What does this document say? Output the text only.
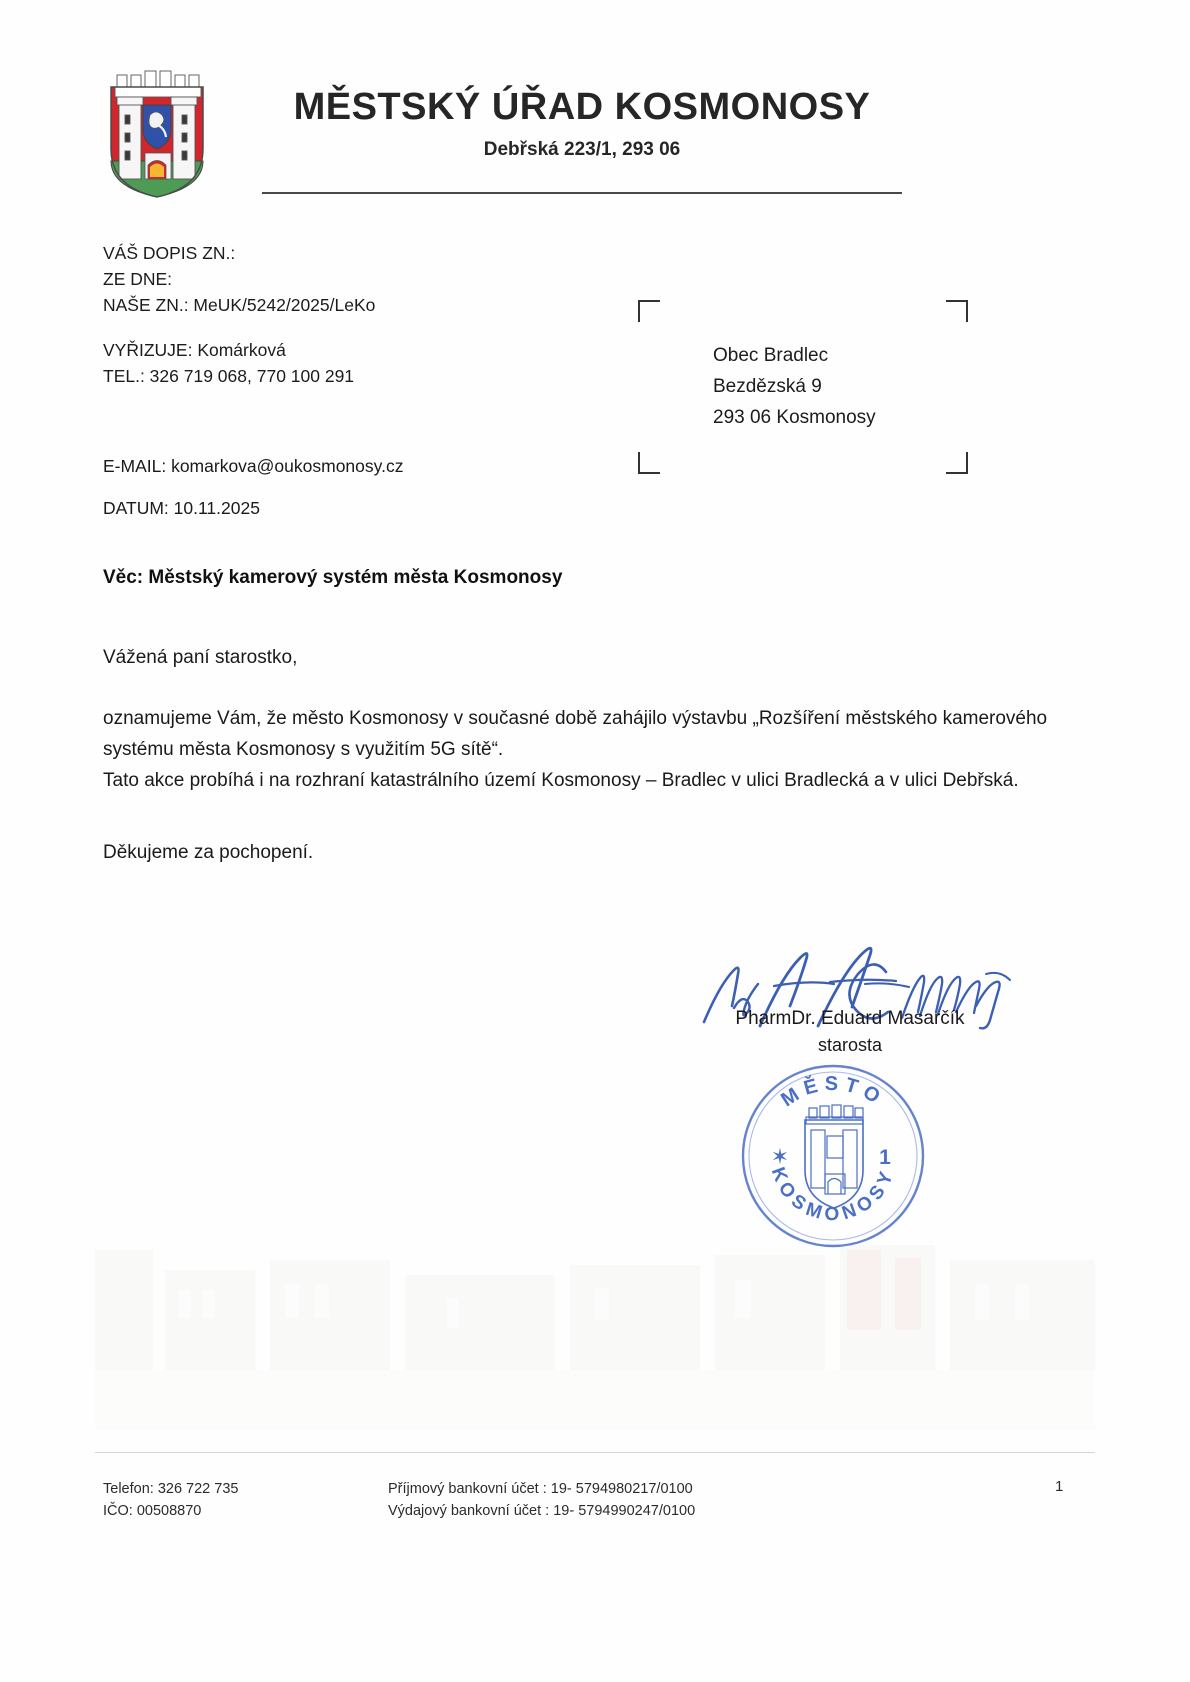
MĚSTSKÝ ÚŘAD KOSMONOSY
Debřská 223/1, 293 06
VÁŠ DOPIS ZN.:
ZE DNE:
NAŠE ZN.: MeUK/5242/2025/LeKo
VYŘIZUJE: Komárková
TEL.: 326 719 068, 770 100 291
E-MAIL: komarkova@oukosmonosy.cz
DATUM: 10.11.2025
Obec Bradlec
Bezdězská 9
293 06 Kosmonosy
Věc: Městský kamerový systém města Kosmonosy
Vážená paní starostko,
oznamujeme Vám, že město Kosmonosy v současné době zahájilo výstavbu „Rozšíření městského kamerového systému města Kosmonosy s využitím 5G sítě“.
Tato akce probíhá i na rozhraní katastrálního území Kosmonosy – Bradlec v ulici Bradlecká a v ulici Debřská.
Děkujeme za pochopení.
PharmDr. Eduard Masarčík
starosta
MĚSTO
KOSMONOSY
1
✶
Telefon: 326 722 735
IČO: 00508870
Příjmový bankovní účet : 19- 5794980217/0100
Výdajový bankovní účet : 19- 5794990247/0100
1
